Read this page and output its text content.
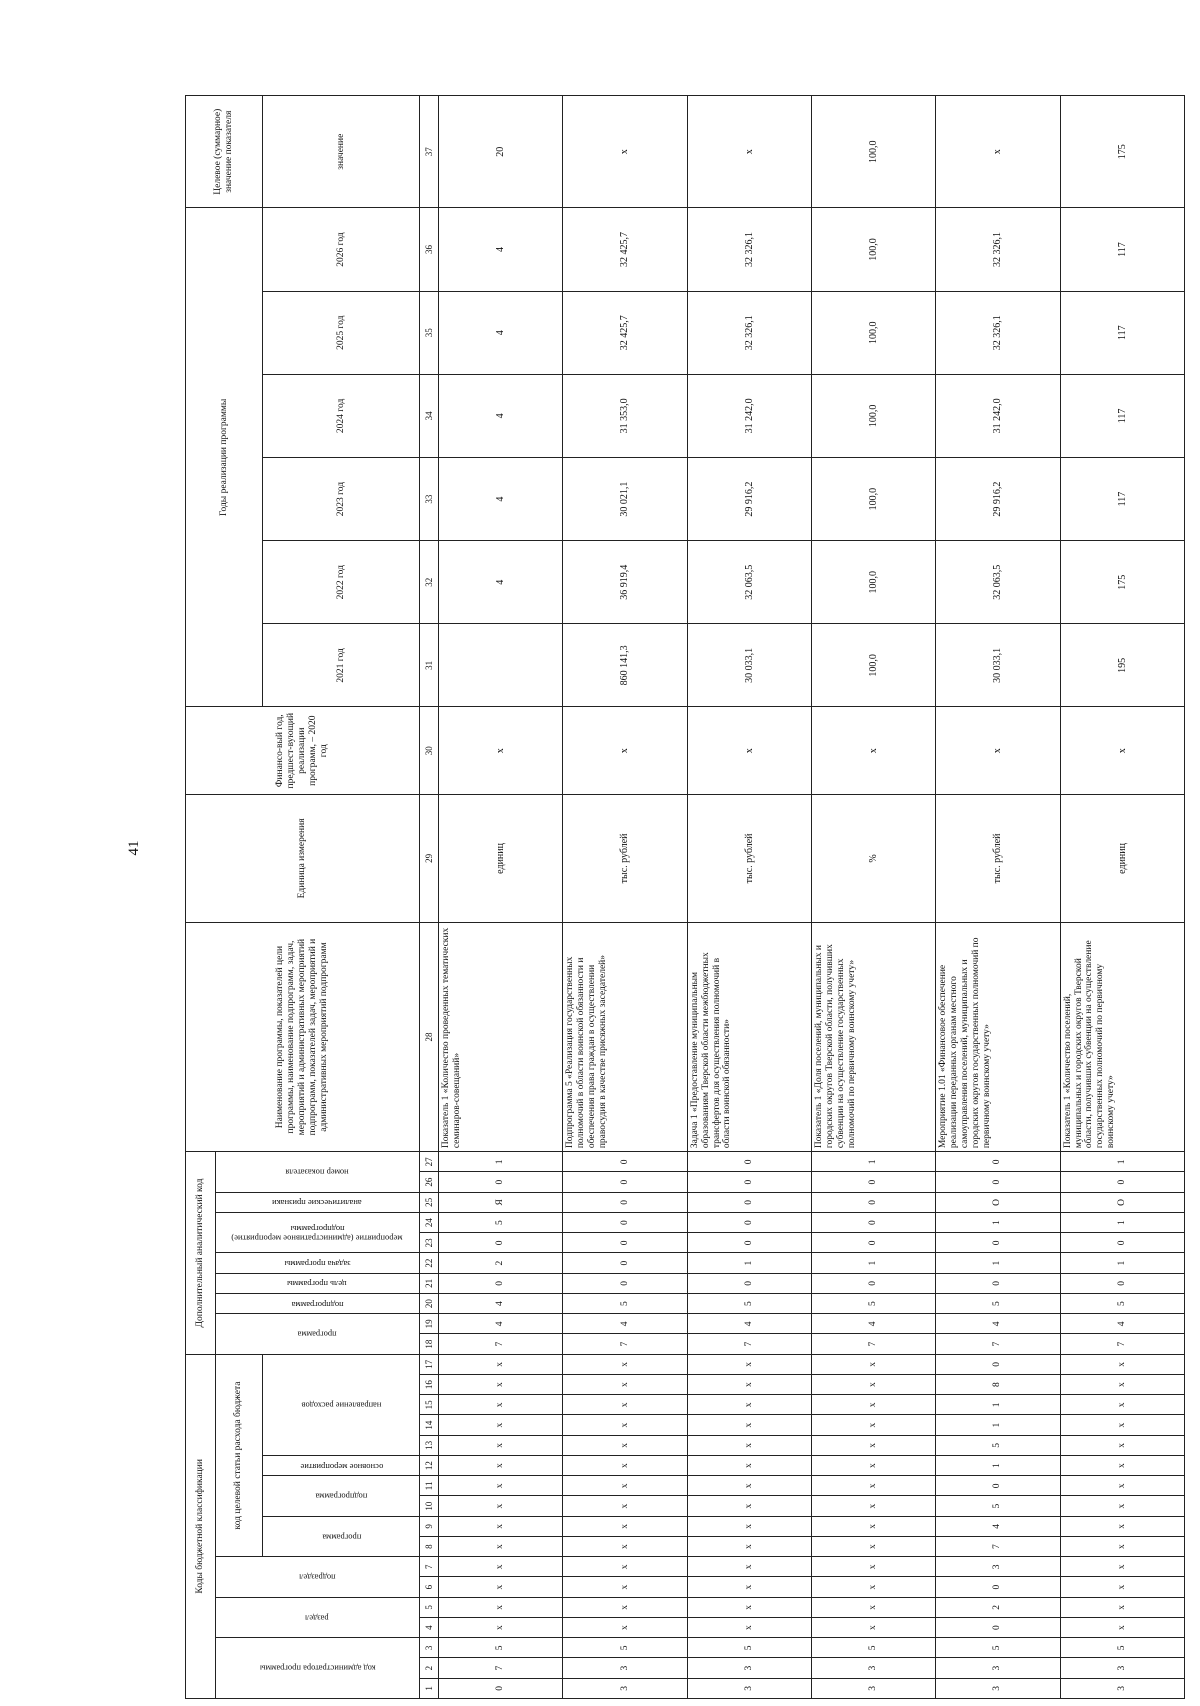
41
Коды бюджетной классификации																	Дополнительный аналитический код										Наименование программы, показателей цели программы, наименование подпрограмм, задач, мероприятий и административных мероприятий подпрограмм, показателей задач, мероприятий и административных мероприятий подпрограмм	Единица измерения	Финансо-вый год, предшест-вующий реализации программ, – 2020 год	Годы реализации программы						Целевое (суммарное) значение показателя
код администратора программы			раздел		подраздел		код целевой статьи расхода бюджета										программа		подпрограмма	цель программы	задача программы	мероприятие (административное мероприятие) подпрограммы		аналитические признаки	номер показателя											
							программа		подпрограмма		основное мероприятие	направление расходов																		2021 год	2022 год	2023 год	2024 год	2025 год	2026 год	значение
1	2	3	4	5	6	7	8	9	10	11	12	13	14	15	16	17	18	19	20	21	22	23	24	25	26	27	28	29	30	31	32	33	34	35	36	37
0	7	5	х	х	х	х	х	х	х	х	х	х	х	х	х	х	7	4	4	0	2	0	5	Я	0	1	Показатель 1 «Количество проведенных тематических семинаров-совещаний»	единиц	х		4	4	4	4	4	20
3	3	5	х	х	х	х	х	х	х	х	х	х	х	х	х	х	7	4	5	0	0	0	0	0	0	0	Подпрограмма 5 «Реализация государственных полномочий в области воинской обязанности и обеспечения права граждан в осуществлении правосудия в качестве присяжных заседателей»	тыс. рублей	х	860 141,3	36 919,4	30 021,1	31 353,0	32 425,7	32 425,7	х
3	3	5	х	х	х	х	х	х	х	х	х	х	х	х	х	х	7	4	5	0	1	0	0	0	0	0	Задача 1 «Предоставление муниципальным образованиям Тверской области межбюджетных трансфертов для осуществления полномочий в области воинской обязанности»	тыс. рублей	х	30 033,1	32 063,5	29 916,2	31 242,0	32 326,1	32 326,1	х
3	3	5	х	х	х	х	х	х	х	х	х	х	х	х	х	х	7	4	5	0	1	0	0	0	0	1	Показатель 1 «Доля поселений, муниципальных и городских округов Тверской области, получивших субвенции на осуществление государственных полномочий по первичному воинскому учету»	%	х	100,0	100,0	100,0	100,0	100,0	100,0	100,0
3	3	5	0	2	0	3	7	4	5	0	1	5	1	1	8	0	7	4	5	0	1	0	1	О	0	0	Мероприятие 1.01 «Финансовое обеспечение реализации переданных органам местного самоуправления поселений, муниципальных и городских округов государственных полномочий по первичному воинскому учету»	тыс. рублей	х	30 033,1	32 063,5	29 916,2	31 242,0	32 326,1	32 326,1	х
3	3	5	х	х	х	х	х	х	х	х	х	х	х	х	х	х	7	4	5	0	1	0	1	О	0	1	Показатель 1 «Количество поселений, муниципальных и городских округов Тверской области, получивших субвенции на осуществление государственных полномочий по первичному воинскому учету»	единиц	х	195	175	117	117	117	117	175
